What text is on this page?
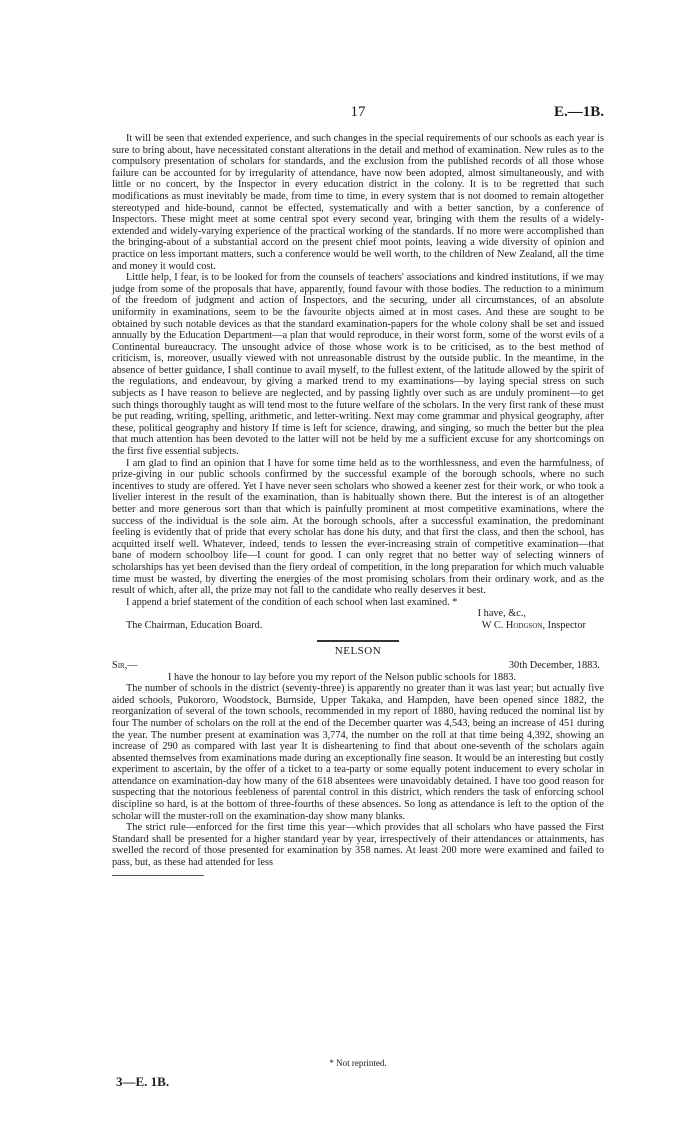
17	E.—1B.

It will be seen that extended experience, and such changes in the special requirements of our schools as each year is sure to bring about, have necessitated constant alterations in the detail and method of examination. New rules as to the compulsory presentation of scholars for standards, and the exclusion from the published records of all those whose failure can be accounted for by irregularity of attendance, have now been adopted, almost simultaneously, and with little or no concert, by the Inspector in every education district in the colony. It is to be regretted that such modifications as must inevitably be made, from time to time, in every system that is not doomed to remain altogether stereotyped and hide-bound, cannot be effected, systematically and with a better sanction, by a conference of Inspectors. These might meet at some central spot every second year, bringing with them the results of a widely-extended and widely-varying experience of the practical working of the standards. If no more were accomplished than the bringing-about of a substantial accord on the present chief moot points, leaving a wide diversity of opinion and practice on less important matters, such a conference would be well worth, to the children of New Zealand, all the time and money it would cost.

Little help, I fear, is to be looked for from the counsels of teachers' associations and kindred institutions, if we may judge from some of the proposals that have, apparently, found favour with those bodies. The reduction to a minimum of the freedom of judgment and action of Inspectors, and the securing, under all circumstances, of an absolute uniformity in examinations, seem to be the favourite objects aimed at in most cases. And these are sought to be obtained by such notable devices as that the standard examination-papers for the whole colony shall be set and issued annually by the Education Department—a plan that would reproduce, in their worst form, some of the worst evils of a Continental bureaucracy. The unsought advice of those whose work is to be criticised, as to the best method of criticism, is, moreover, usually viewed with not unreasonable distrust by the outside public. In the meantime, in the absence of better guidance, I shall continue to avail myself, to the fullest extent, of the latitude allowed by the spirit of the regulations, and endeavour, by giving a marked trend to my examinations—by laying special stress on such subjects as I have reason to believe are neglected, and by passing lightly over such as are unduly prominent—to get such things thoroughly taught as will tend most to the future welfare of the scholars. In the very first rank of these must be put reading, writing, spelling, arithmetic, and letter-writing. Next may come grammar and physical geography, after these, political geography and history If time is left for science, drawing, and singing, so much the better but the plea that much attention has been devoted to the latter will not be held by me a sufficient excuse for any shortcomings on the first five essential subjects.

I am glad to find an opinion that I have for some time held as to the worthlessness, and even the harmfulness, of prize-giving in our public schools confirmed by the successful example of the borough schools, where no such incentives to study are offered. Yet I have never seen scholars who showed a keener zest for their work, or who took a livelier interest in the result of the examination, than is habitually shown there. But the interest is of an altogether better and more generous sort than that which is painfully prominent at most competitive examinations, where the success of the individual is the sole aim. At the borough schools, after a successful examination, the predominant feeling is evidently that of pride that every scholar has done his duty, and that first the class, and then the school, has acquitted itself well. Whatever, indeed, tends to lessen the ever-increasing strain of competitive examination—that bane of modern schoolboy life—I count for good. I can only regret that no better way of selecting winners of scholarships has yet been devised than the fiery ordeal of competition, in the long preparation for which much valuable time must be wasted, by diverting the energies of the most promising scholars from their ordinary work, and as the result of which, after all, the prize may not fall to the candidate who really deserves it best.

I append a brief statement of the condition of each school when last examined. *

I have, &c.,

The Chairman, Education Board.	W C. Hodgson, Inspector
NELSON
Sir,—	30th December, 1883.

I have the honour to lay before you my report of the Nelson public schools for 1883.

The number of schools in the district (seventy-three) is apparently no greater than it was last year; but actually five aided schools, Pukororo, Woodstock, Burnside, Upper Takaka, and Hampden, have been opened since 1882, the reorganization of several of the town schools, recommended in my report of 1880, having reduced the nominal list by four The number of scholars on the roll at the end of the December quarter was 4,543, being an increase of 451 during the year. The number present at examination was 3,774, the number on the roll at that time being 4,392, showing an increase of 290 as compared with last year It is disheartening to find that about one-seventh of the scholars again absented themselves from examinations made during an exceptionally fine season. It would be an interesting but costly experiment to ascertain, by the offer of a ticket to a tea-party or some equally potent inducement to every scholar in attendance on examination-day how many of the 618 absentees were unavoidably detained. I have too good reason for suspecting that the notorious feebleness of parental control in this district, which renders the task of enforcing school discipline so hard, is at the bottom of three-fourths of these absences. So long as attendance is left to the option of the scholar will the muster-roll on the examination-day show many blanks.

The strict rule—enforced for the first time this year—which provides that all scholars who have passed the First Standard shall be presented for a higher standard year by year, irrespectively of their attendances or attainments, has swelled the record of those presented for examination by 358 names. At least 200 more were examined and failed to pass, but, as these had attended for less

* Not reprinted.
3—E. 1B.
